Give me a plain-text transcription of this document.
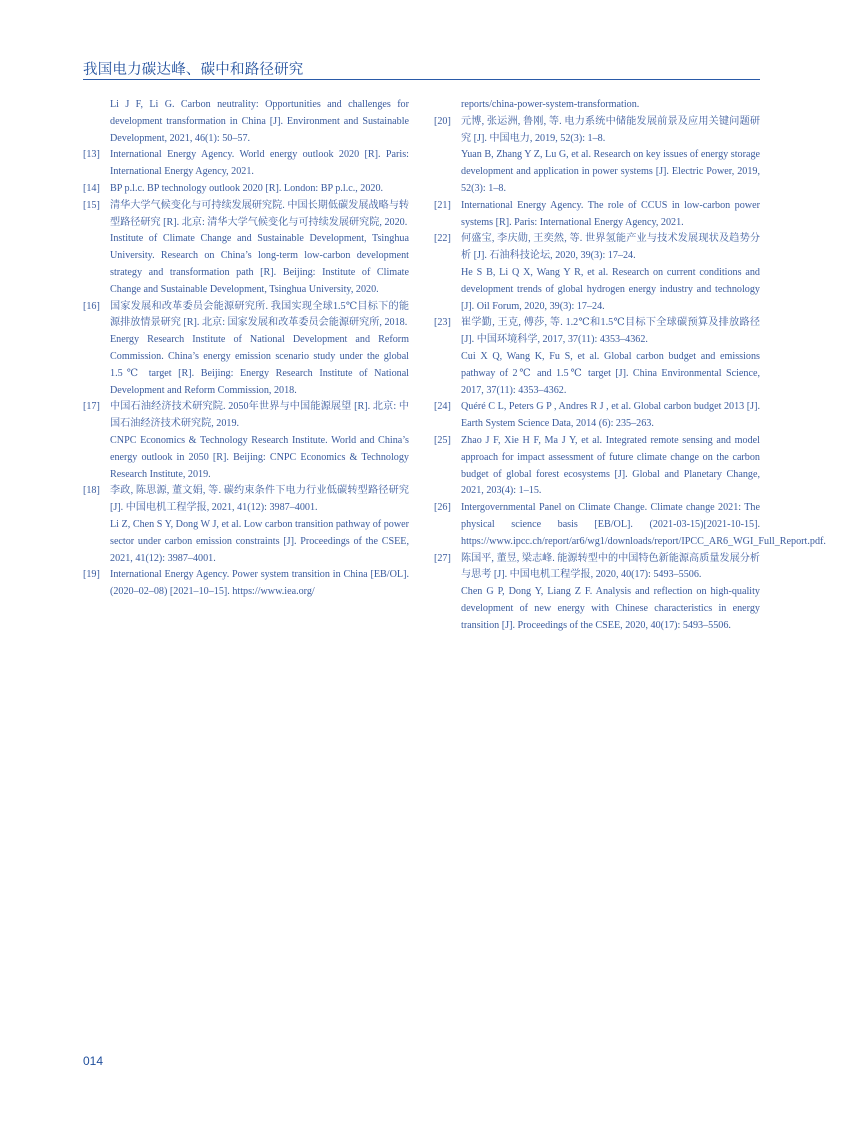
我国电力碳达峰、碳中和路径研究

Li J F, Li G. Carbon neutrality: Opportunities and challenges for development transformation in China [J]. Environment and Sustainable Development, 2021, 46(1): 50–57.

[13] International Energy Agency. World energy outlook 2020 [R]. Paris: International Energy Agency, 2021.

[14] BP p.l.c. BP technology outlook 2020 [R]. London: BP p.l.c., 2020.

[15] 清华大学气候变化与可持续发展研究院. 中国长期低碳发展战略与转型路径研究 [R]. 北京: 清华大学气候变化与可持续发展研究院, 2020.

Institute of Climate Change and Sustainable Development, Tsinghua University. Research on China’s long-term low-carbon development strategy and transformation path [R]. Beijing: Institute of Climate Change and Sustainable Development, Tsinghua University, 2020.

[16] 国家发展和改革委员会能源研究所. 我国实现全球1.5℃目标下的能源排放情景研究 [R]. 北京: 国家发展和改革委员会能源研究所, 2018.

Energy Research Institute of National Development and Reform Commission. China’s energy emission scenario study under the global 1.5℃ target [R]. Beijing: Energy Research Institute of National Development and Reform Commission, 2018.

[17] 中国石油经济技术研究院. 2050年世界与中国能源展望 [R]. 北京: 中国石油经济技术研究院, 2019.

CNPC Economics & Technology Research Institute. World and China’s energy outlook in 2050 [R]. Beijing: CNPC Economics & Technology Research Institute, 2019.

[18] 李政, 陈思源, 董文娟, 等. 碳约束条件下电力行业低碳转型路径研究 [J]. 中国电机工程学报, 2021, 41(12): 3987–4001.

Li Z, Chen S Y, Dong W J, et al. Low carbon transition pathway of power sector under carbon emission constraints [J]. Proceedings of the CSEE, 2021, 41(12): 3987–4001.

[19] International Energy Agency. Power system transition in China [EB/OL]. (2020–02–08) [2021–10–15]. https://www.iea.org/

reports/china-power-system-transformation.

[20] 元博, 张运洲, 鲁刚, 等. 电力系统中储能发展前景及应用关键问题研究 [J]. 中国电力, 2019, 52(3): 1–8.

Yuan B, Zhang Y Z, Lu G, et al. Research on key issues of energy storage development and application in power systems [J]. Electric Power, 2019, 52(3): 1–8.

[21] International Energy Agency. The role of CCUS in low-carbon power systems [R]. Paris: International Energy Agency, 2021.

[22] 何盛宝, 李庆勋, 王奕然, 等. 世界氢能产业与技术发展现状及趋势分析 [J]. 石油科技论坛, 2020, 39(3): 17–24.

He S B, Li Q X, Wang Y R, et al. Research on current conditions and development trends of global hydrogen energy industry and technology [J]. Oil Forum, 2020, 39(3): 17–24.

[23] 崔学勤, 王克, 傅莎, 等. 1.2℃和1.5℃目标下全球碳预算及排放路径 [J]. 中国环境科学, 2017, 37(11): 4353–4362.

Cui X Q, Wang K, Fu S, et al. Global carbon budget and emissions pathway of 2℃ and 1.5℃ target [J]. China Environmental Science, 2017, 37(11): 4353–4362.

[24] Quéré C L, Peters G P , Andres R J , et al. Global carbon budget 2013 [J]. Earth System Science Data, 2014 (6): 235–263.

[25] Zhao J F, Xie H F, Ma J Y, et al. Integrated remote sensing and model approach for impact assessment of future climate change on the carbon budget of global forest ecosystems [J]. Global and Planetary Change, 2021, 203(4): 1–15.

[26] Intergovernmental Panel on Climate Change. Climate change 2021: The physical science basis [EB/OL]. (2021-03-15)[2021-10-15]. https://www.ipcc.ch/report/ar6/wg1/downloads/report/IPCC_AR6_WGI_Full_Report.pdf.

[27] 陈国平, 董昱, 梁志峰. 能源转型中的中国特色新能源高质量发展分析与思考 [J]. 中国电机工程学报, 2020, 40(17): 5493–5506.

Chen G P, Dong Y, Liang Z F. Analysis and reflection on high-quality development of new energy with Chinese characteristics in energy transition [J]. Proceedings of the CSEE, 2020, 40(17): 5493–5506.

014
